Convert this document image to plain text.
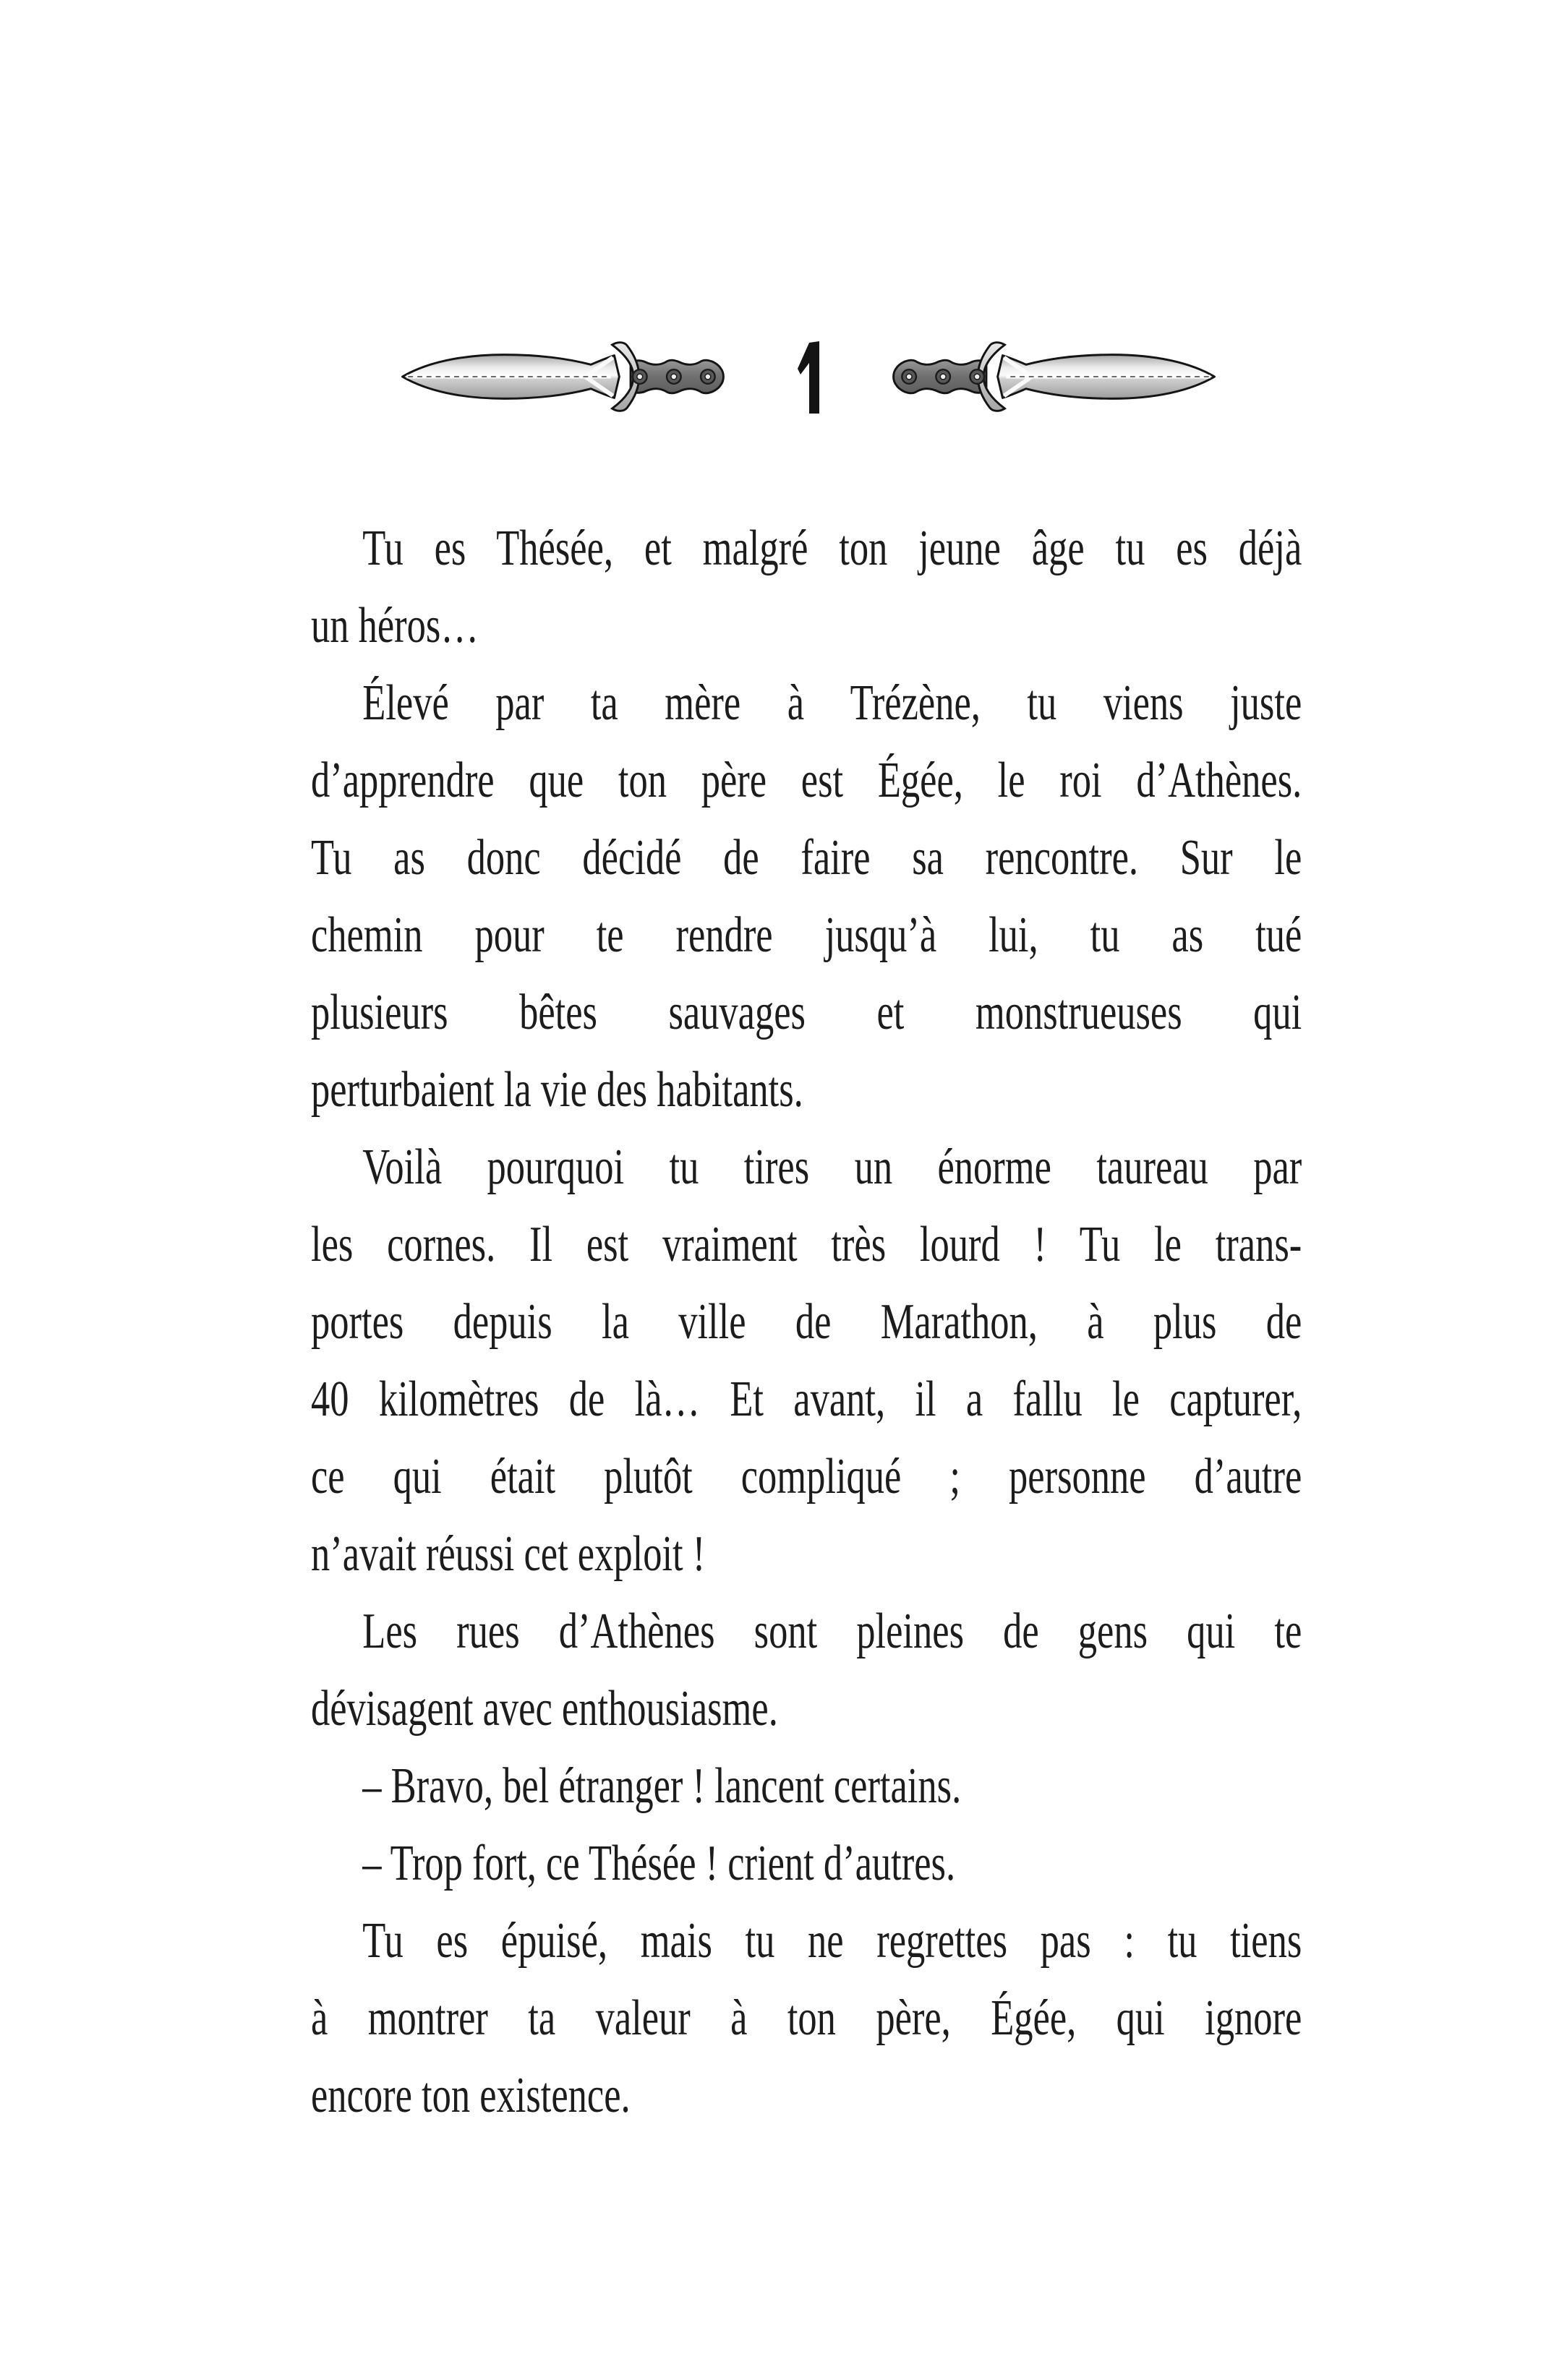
Tu es Thésée, et malgré ton jeune âge tu es déjà
un héros…
Élevé par ta mère à Trézène, tu viens juste
d’apprendre que ton père est Égée, le roi d’Athènes.
Tu as donc décidé de faire sa rencontre. Sur le
chemin pour te rendre jusqu’à lui, tu as tué
plusieurs bêtes sauvages et monstrueuses qui
perturbaient la vie des habitants.
Voilà pourquoi tu tires un énorme taureau par
les cornes. Il est vraiment très lourd ! Tu le trans-
portes depuis la ville de Marathon, à plus de
40 kilomètres de là… Et avant, il a fallu le capturer,
ce qui était plutôt compliqué ; personne d’autre
n’avait réussi cet exploit !
Les rues d’Athènes sont pleines de gens qui te
dévisagent avec enthousiasme.
– Bravo, bel étranger ! lancent certains.
– Trop fort, ce Thésée ! crient d’autres.
Tu es épuisé, mais tu ne regrettes pas : tu tiens
à montrer ta valeur à ton père, Égée, qui ignore
encore ton existence.
